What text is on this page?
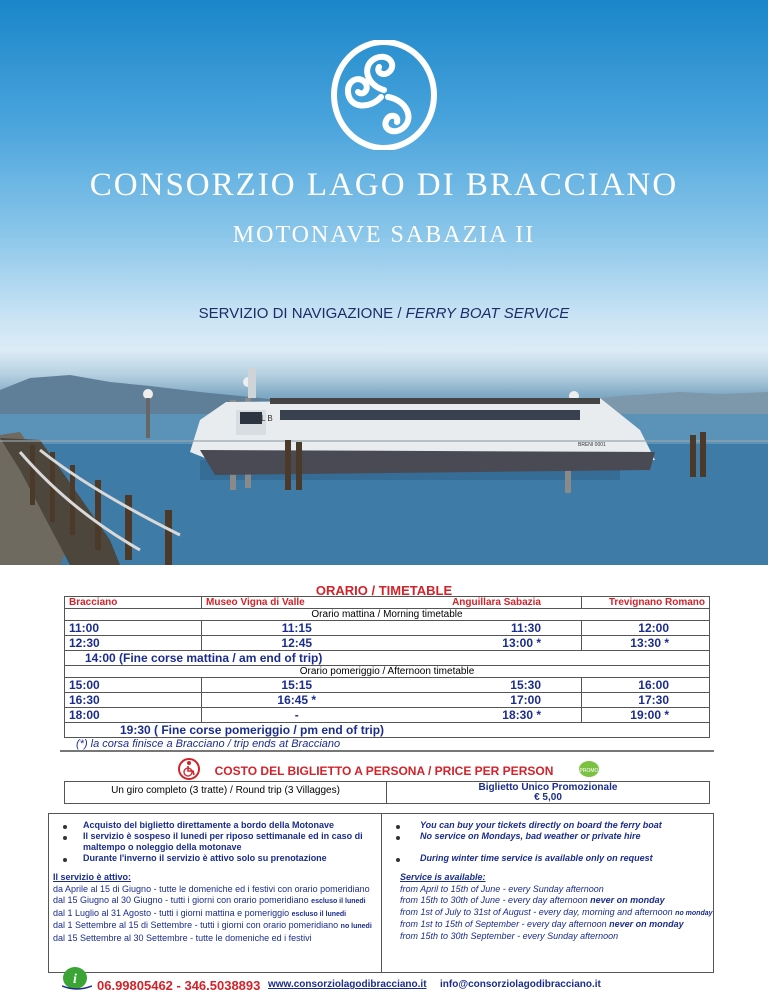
CONSORZIO LAGO DI BRACCIANO
MOTONAVE SABAZIA II
SERVIZIO DI NAVIGAZIONE / FERRY BOAT SERVICE
N.L B
BRENI 0001
ORARIO / TIMETABLE
Bracciano	Museo Vigna di Valle	Anguillara Sabazia	Trevignano Romano
Orario mattina / Morning timetable			
11:00	11:15	11:30	12:00
12:30	12:45	13:00 *	13:30 *
14:00 (Fine corse mattina / am end of trip)			
Orario pomeriggio / Afternoon timetable			
15:00	15:15	15:30	16:00
16:30	16:45 *	17:00	17:30
18:00	-	18:30 *	19:00 *
19:30 ( Fine corse pomeriggio / pm end of trip)			
(*) la corsa finisce a Bracciano / trip ends at Bracciano
COSTO DEL BIGLIETTO A PERSONA / PRICE PER PERSON	PROMO
Un giro completo (3 tratte) / Round trip (3 Villagges)	Biglietto Unico Promozionale
€ 5,00
Acquisto del biglietto direttamente a bordo della Motonave
Il servizio è sospeso il lunedi per riposo settimanale ed in caso di
maltempo o noleggio della motonave
Durante l'inverno il servizio è attivo solo su prenotazione
Il servizio è attivo:
da Aprile al 15 di Giugno - tutte le domeniche ed i festivi con orario pomeridiano
dal 15 Giugno al 30 Giugno - tutti i giorni con orario pomeridiano escluso il lunedi
dal 1 Luglio al 31 Agosto - tutti i giorni mattina e pomeriggio escluso il lunedi
dal 1 Settembre al 15 di Settembre - tutti i giorni con orario pomeridiano no lunedi
dal 15 Settembre al 30 Settembre - tutte le domeniche ed i festivi
You can buy your tickets directly on board the ferry boat
No service on Mondays, bad weather or private hire
During winter time service is available only on request
Service is available:
from April to 15th of June - every Sunday afternoon
from 15th to 30th of June - every day afternoon never on monday
from 1st of July to 31st of August - every day, morning and afternoon no monday
from 1st to 15th of September - every day afternoon never on monday
from 15th to 30th September - every Sunday afternoon
i 06.99805462 - 346.5038893 www.consorziolagodibracciano.it info@consorziolagodibracciano.it
